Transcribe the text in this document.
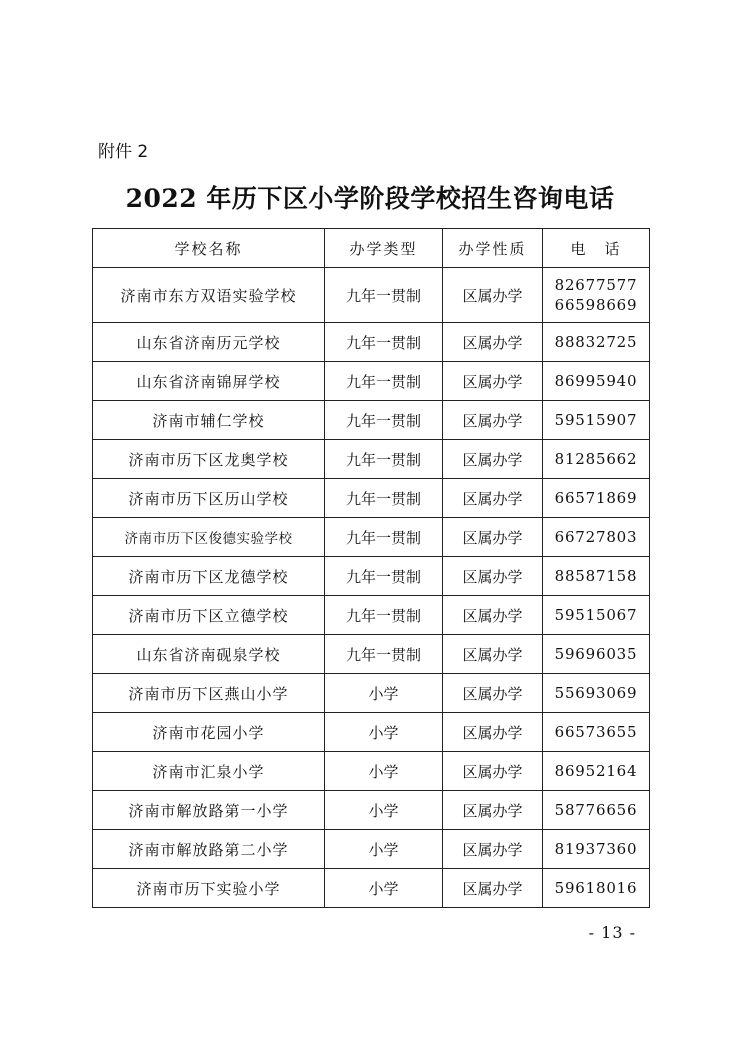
附件 2
2022 年历下区小学阶段学校招生咨询电话
学校名称	办学类型	办学性质	电　话
济南市东方双语实验学校	九年一贯制	区属办学	82677577
66598669

山东省济南历元学校	九年一贯制	区属办学	88832725
山东省济南锦屏学校	九年一贯制	区属办学	86995940
济南市辅仁学校	九年一贯制	区属办学	59515907
济南市历下区龙奥学校	九年一贯制	区属办学	81285662
济南市历下区历山学校	九年一贯制	区属办学	66571869
济南市历下区俊德实验学校	九年一贯制	区属办学	66727803
济南市历下区龙德学校	九年一贯制	区属办学	88587158
济南市历下区立德学校	九年一贯制	区属办学	59515067
山东省济南砚泉学校	九年一贯制	区属办学	59696035
济南市历下区燕山小学	小学	区属办学	55693069
济南市花园小学	小学	区属办学	66573655
济南市汇泉小学	小学	区属办学	86952164
济南市解放路第一小学	小学	区属办学	58776656
济南市解放路第二小学	小学	区属办学	81937360
济南市历下实验小学	小学	区属办学	59618016
- 13 -
